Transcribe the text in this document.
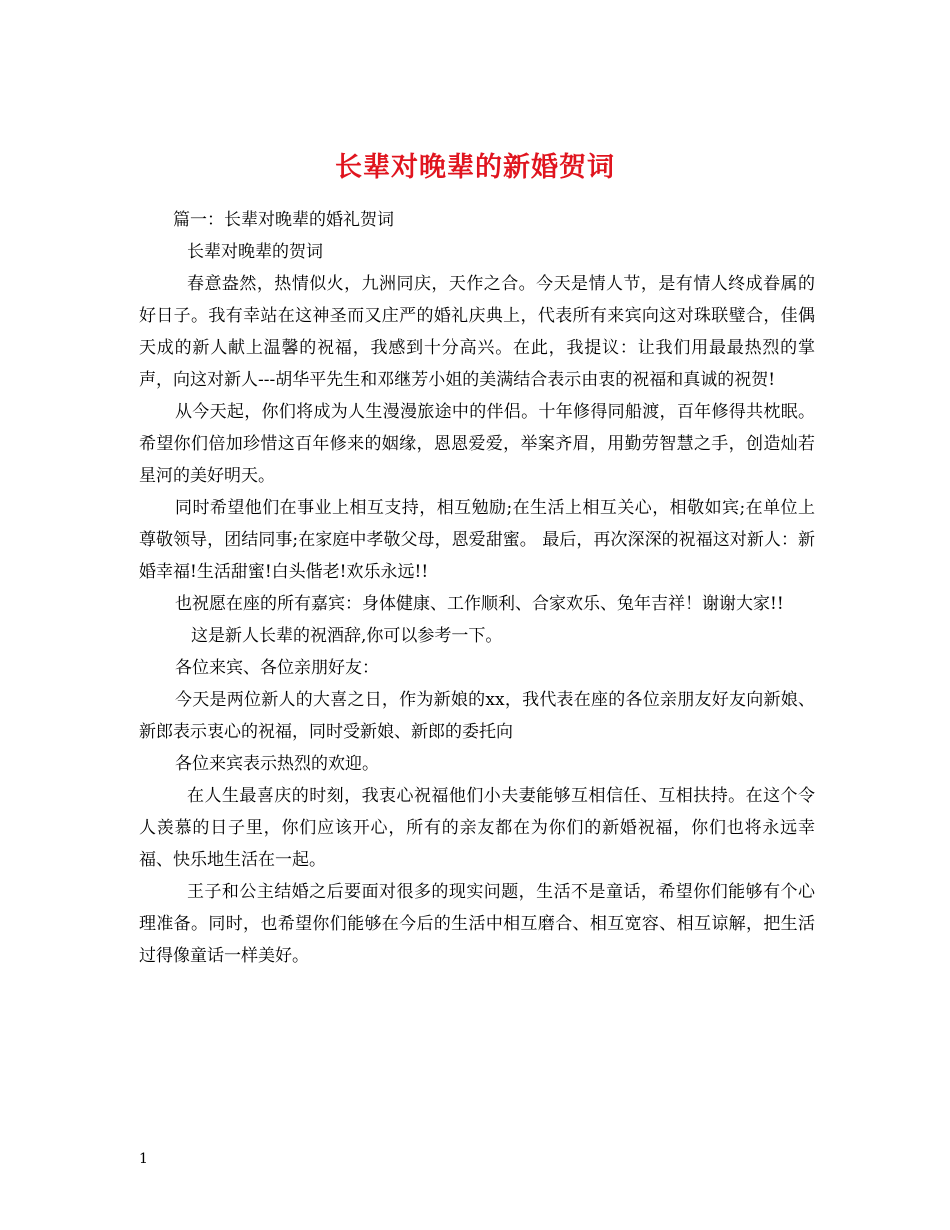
长辈对晚辈的新婚贺词

篇一：长辈对晚辈的婚礼贺词

长辈对晚辈的贺词

春意盎然，热情似火，九洲同庆，天作之合。今天是情人节，是有情人终成眷属的好日子。我有幸站在这神圣而又庄严的婚礼庆典上，代表所有来宾向这对珠联璧合，佳偶天成的新人献上温馨的祝福，我感到十分高兴。在此，我提议：让我们用最最热烈的掌声，向这对新人---胡华平先生和邓继芳小姐的美满结合表示由衷的祝福和真诚的祝贺!

从今天起，你们将成为人生漫漫旅途中的伴侣。十年修得同船渡，百年修得共枕眠。希望你们倍加珍惜这百年修来的姻缘，恩恩爱爱，举案齐眉，用勤劳智慧之手，创造灿若星河的美好明天。

同时希望他们在事业上相互支持，相互勉励;在生活上相互关心，相敬如宾;在单位上尊敬领导，团结同事;在家庭中孝敬父母，恩爱甜蜜。 最后，再次深深的祝福这对新人：新婚幸福!生活甜蜜!白头偕老!欢乐永远!!

也祝愿在座的所有嘉宾：身体健康、工作顺利、合家欢乐、兔年吉祥！谢谢大家!!

这是新人长辈的祝酒辞,你可以参考一下。

各位来宾、各位亲朋好友：

今天是两位新人的大喜之日，作为新娘的xx，我代表在座的各位亲朋友好友向新娘、新郎表示衷心的祝福，同时受新娘、新郎的委托向

各位来宾表示热烈的欢迎。

在人生最喜庆的时刻，我衷心祝福他们小夫妻能够互相信任、互相扶持。在这个令人羡慕的日子里，你们应该开心，所有的亲友都在为你们的新婚祝福，你们也将永远幸福、快乐地生活在一起。

王子和公主结婚之后要面对很多的现实问题，生活不是童话，希望你们能够有个心理准备。同时，也希望你们能够在今后的生活中相互磨合、相互宽容、相互谅解，把生活过得像童话一样美好。

1
